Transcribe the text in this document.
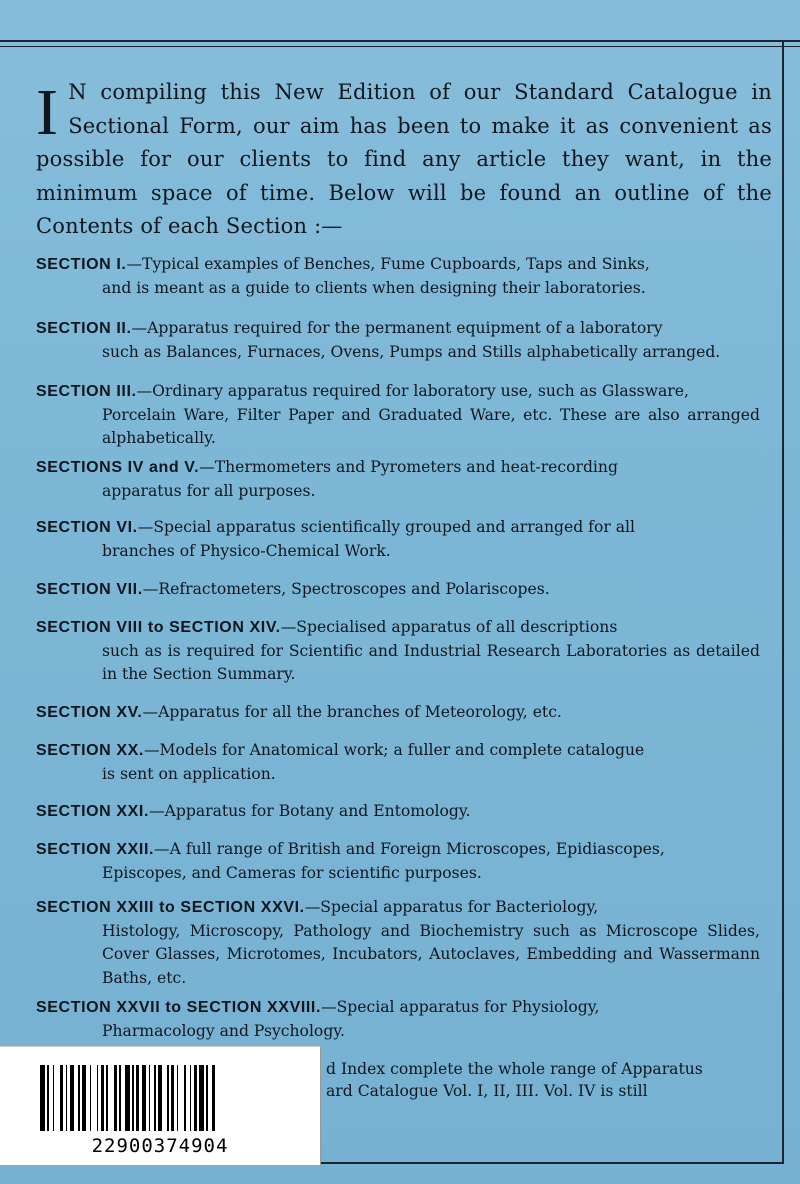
I N compiling this New Edition of our Standard Catalogue in Sectional Form, our aim has been to make it as convenient as possible for our clients to find any article they want, in the minimum space of time. Below will be found an outline of the Contents of each Section :—
SECTION I.—Typical examples of Benches, Fume Cupboards, Taps and Sinks,
and is meant as a guide to clients when designing their laboratories.
SECTION II.—Apparatus required for the permanent equipment of a laboratory
such as Balances, Furnaces, Ovens, Pumps and Stills alphabetically arranged.
SECTION III.—Ordinary apparatus required for laboratory use, such as Glassware,
Porcelain Ware, Filter Paper and Graduated Ware, etc. These are also arranged alphabetically.
SECTIONS IV and V.—Thermometers and Pyrometers and heat-recording
apparatus for all purposes.
SECTION VI.—Special apparatus scientifically grouped and arranged for all
branches of Physico-Chemical Work.
SECTION VII.—Refractometers, Spectroscopes and Polariscopes.
SECTION VIII to SECTION XIV.—Specialised apparatus of all descriptions
such as is required for Scientific and Industrial Research Laboratories as detailed in the Section Summary.
SECTION XV.—Apparatus for all the branches of Meteorology, etc.
SECTION XX.—Models for Anatomical work; a fuller and complete catalogue
is sent on application.
SECTION XXI.—Apparatus for Botany and Entomology.
SECTION XXII.—A full range of British and Foreign Microscopes, Epidiascopes,
Episcopes, and Cameras for scientific purposes.
SECTION XXIII to SECTION XXVI.—Special apparatus for Bacteriology,
Histology, Microscopy, Pathology and Biochemistry such as Microscope Slides, Cover Glasses, Microtomes, Incubators, Autoclaves, Embedding and Wassermann Baths, etc.
SECTION XXVII to SECTION XXVIII.—Special apparatus for Physiology,
Pharmacology and Psychology.
d Index complete the whole range of Apparatus
ard Catalogue Vol. I, II, III. Vol. IV is still
22900374904
